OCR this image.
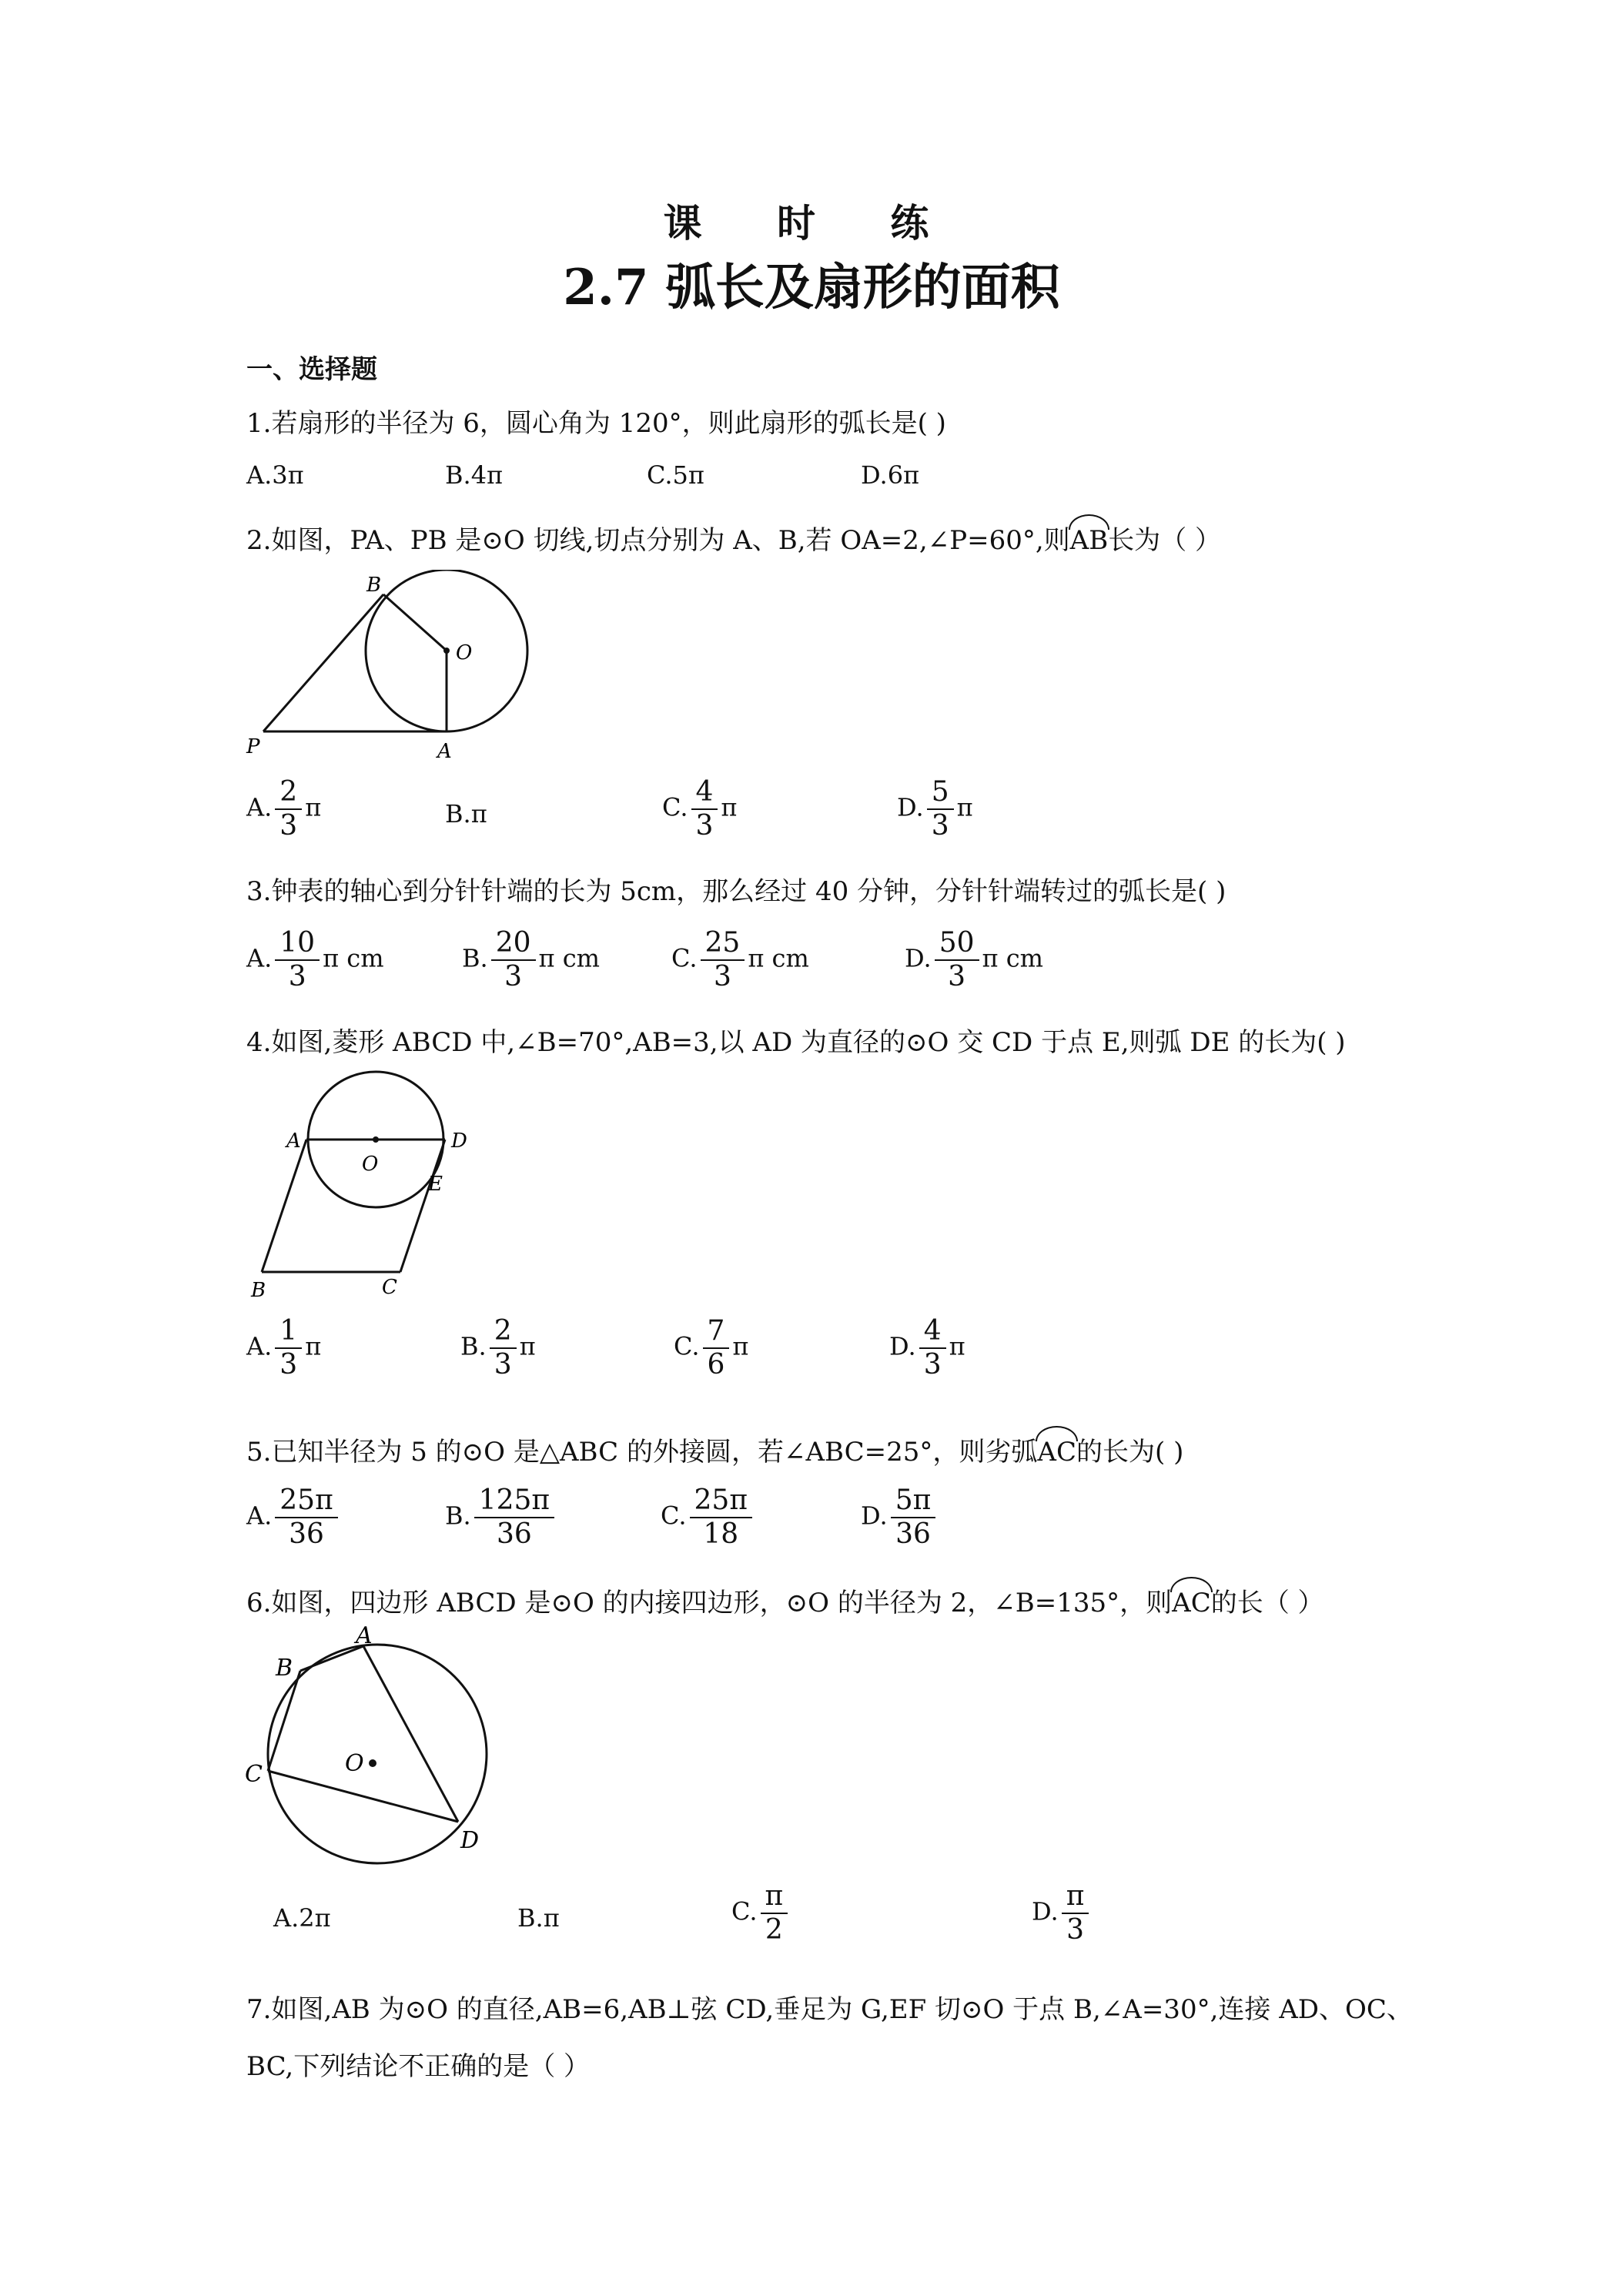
课 时 练
2.7 弧长及扇形的面积
一、选择题
1.若扇形的半径为 6，圆心角为 120°，则此扇形的弧长是( )
A.3π	B.4π	C.5π	D.6π
2.如图，PA、PB 是⊙O 切线,切点分别为 A、B,若 OA=2,∠P=60°,则AB长为（ ）
B
O
P	A
A. $\frac{2}{3}$ π	B.π	C. $\frac{4}{3}$ π	D. $\frac{5}{3}$ π
3.钟表的轴心到分针针端的长为 5cm，那么经过 40 分钟，分针针端转过的弧长是( )
A. $\frac{10}{3}$ π cm	B. $\frac{20}{3}$ π cm	C. $\frac{25}{3}$ π cm	D. $\frac{50}{3}$ π cm
4.如图,菱形 ABCD 中,∠B=70°,AB=3,以 AD 为直径的⊙O 交 CD 于点 E,则弧 DE 的长为( )
A
O
D
E
B	C
A. $\frac{1}{3}$ π	B. $\frac{2}{3}$ π	C. $\frac{7}{6}$ π	D. $\frac{4}{3}$ π
5.已知半径为 5 的⊙O 是△ABC 的外接圆，若∠ABC=25°，则劣弧AC的长为( )
A. $\frac{25\pi}{36}$	B. $\frac{125\pi}{36}$	C. $\frac{25\pi}{18}$	D. $\frac{5\pi}{36}$
6.如图，四边形 ABCD 是⊙O 的内接四边形，⊙O 的半径为 2，∠B=135°，则AC的长（ ）
A
B
C	O
D
A.2π	B.π	C. $\frac{\pi}{2}$	D. $\frac{\pi}{3}$
7.如图,AB 为⊙O 的直径,AB=6,AB⊥弦 CD,垂足为 G,EF 切⊙O 于点 B,∠A=30°,连接 AD、OC、
BC,下列结论不正确的是（ ）
